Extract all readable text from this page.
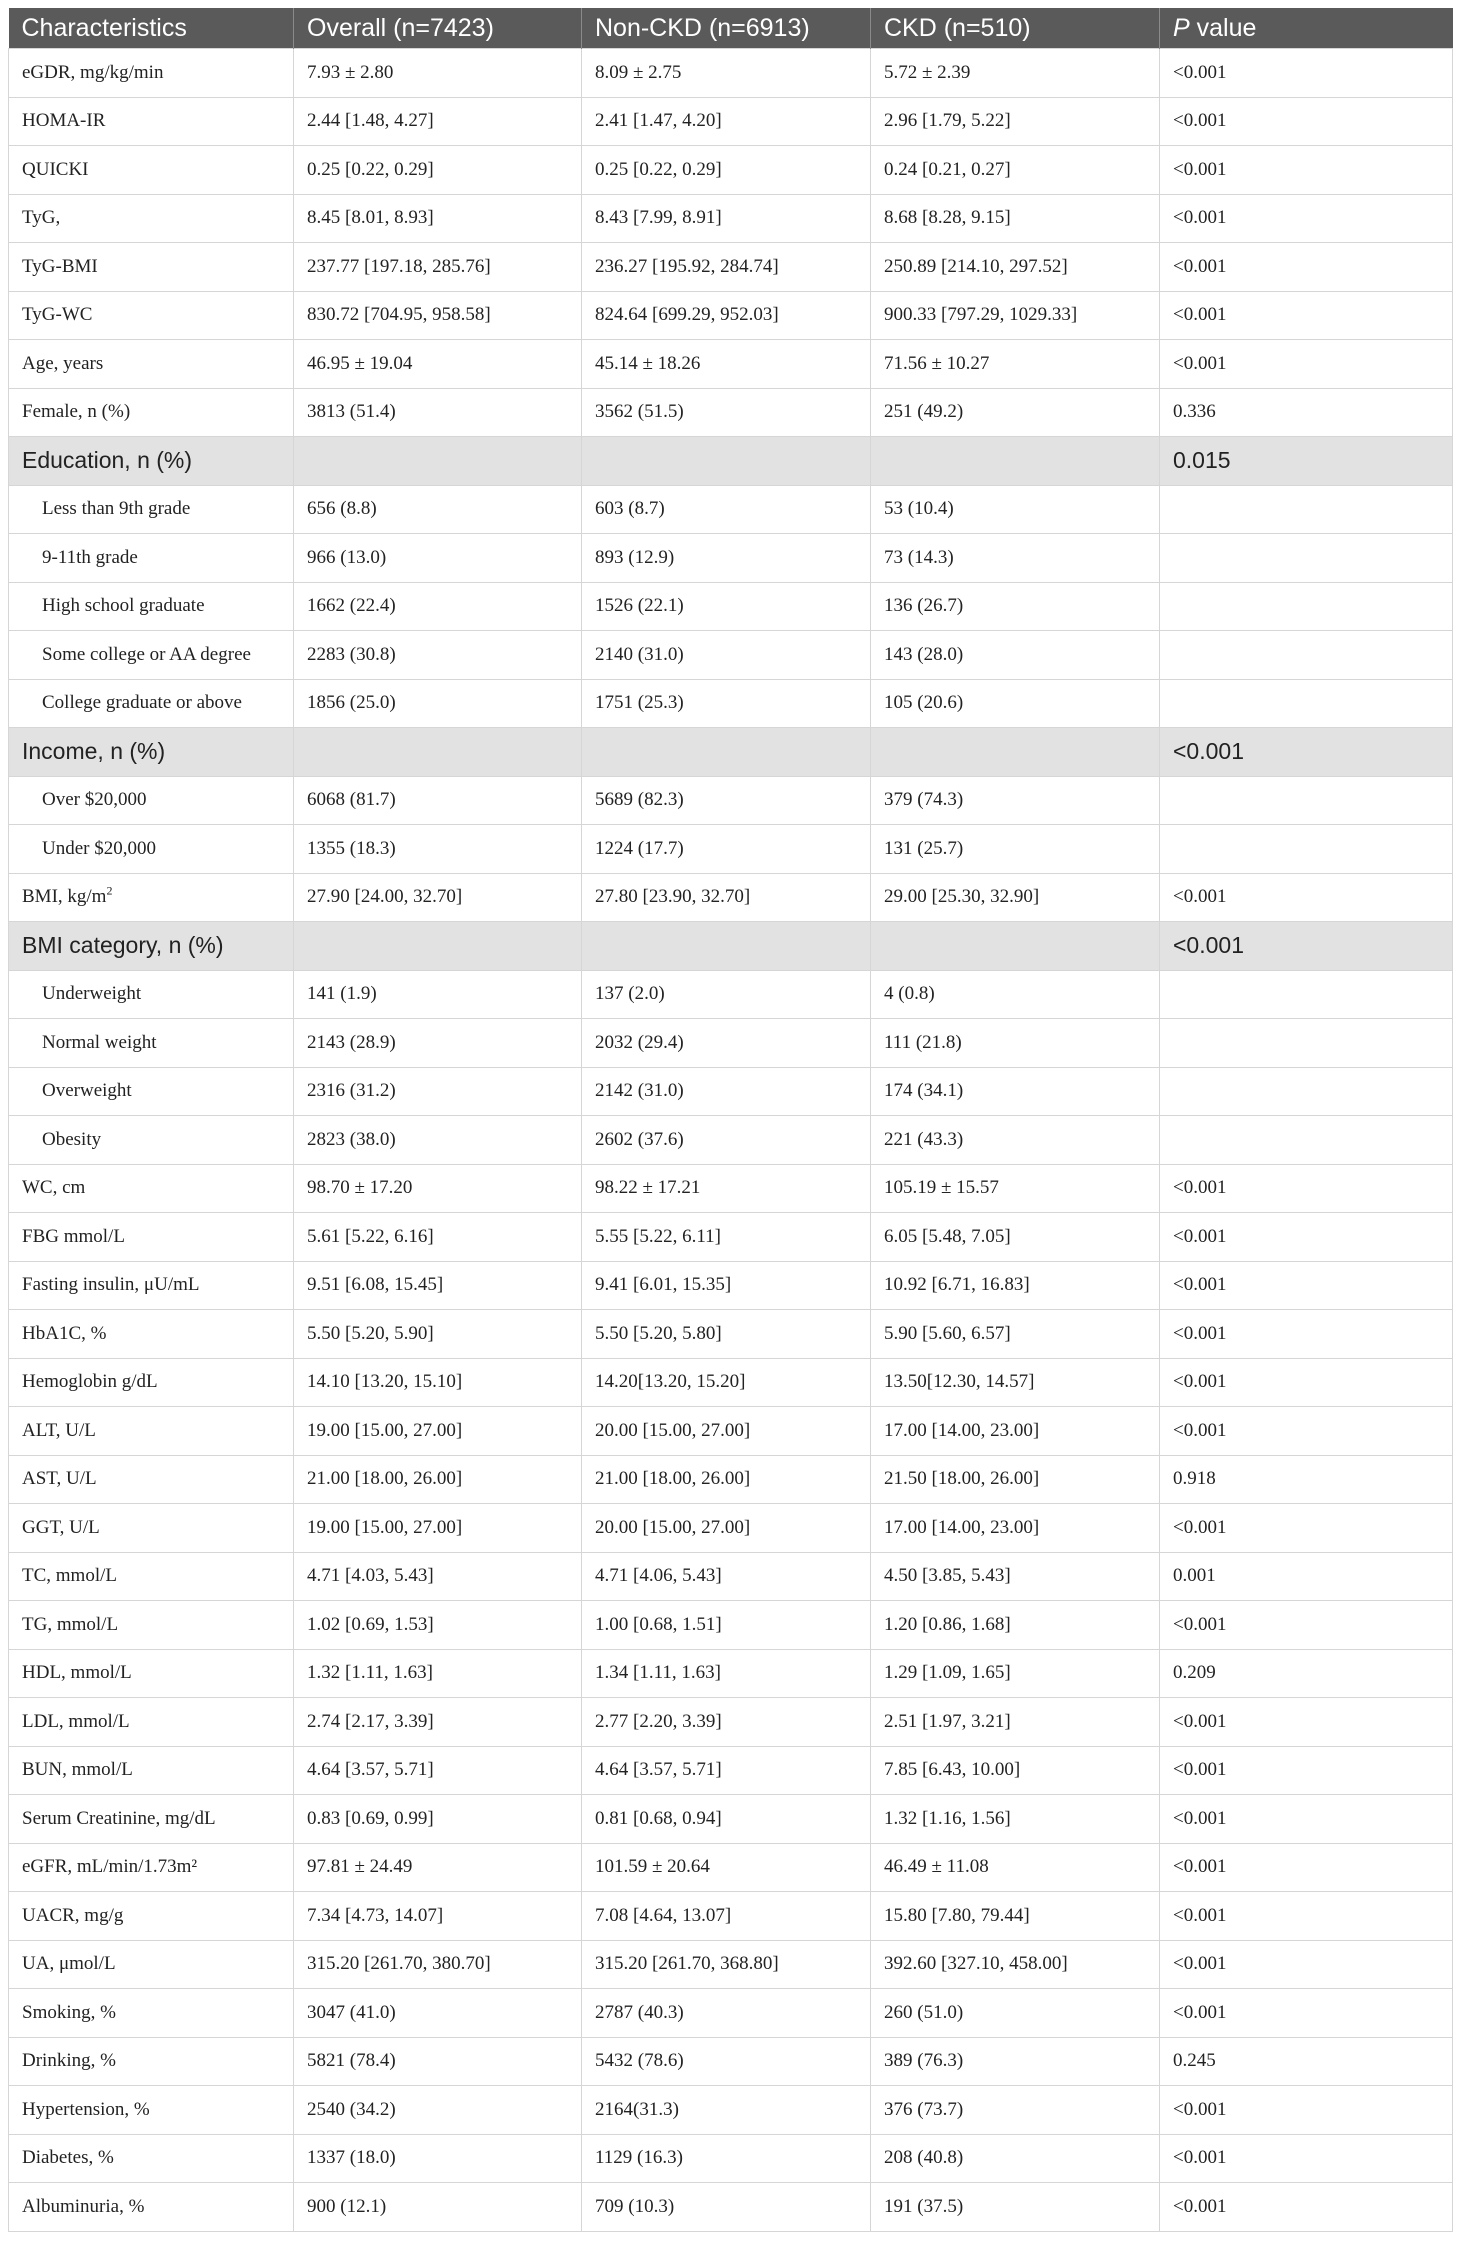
Characteristics	Overall (n=7423)	Non-CKD (n=6913)	CKD (n=510)	P value
eGDR, mg/kg/min	7.93 ± 2.80	8.09 ± 2.75	5.72 ± 2.39	<0.001
HOMA-IR	2.44 [1.48, 4.27]	2.41 [1.47, 4.20]	2.96 [1.79, 5.22]	<0.001
QUICKI	0.25 [0.22, 0.29]	0.25 [0.22, 0.29]	0.24 [0.21, 0.27]	<0.001
TyG,	8.45 [8.01, 8.93]	8.43 [7.99, 8.91]	8.68 [8.28, 9.15]	<0.001
TyG-BMI	237.77 [197.18, 285.76]	236.27 [195.92, 284.74]	250.89 [214.10, 297.52]	<0.001
TyG-WC	830.72 [704.95, 958.58]	824.64 [699.29, 952.03]	900.33 [797.29, 1029.33]	<0.001
Age, years	46.95 ± 19.04	45.14 ± 18.26	71.56 ± 10.27	<0.001
Female, n (%)	3813 (51.4)	3562 (51.5)	251 (49.2)	0.336
Education, n (%)				0.015
Less than 9th grade	656 (8.8)	603 (8.7)	53 (10.4)	
9-11th grade	966 (13.0)	893 (12.9)	73 (14.3)	
High school graduate	1662 (22.4)	1526 (22.1)	136 (26.7)	
Some college or AA degree	2283 (30.8)	2140 (31.0)	143 (28.0)	
College graduate or above	1856 (25.0)	1751 (25.3)	105 (20.6)	
Income, n (%)				<0.001
Over $20,000	6068 (81.7)	5689 (82.3)	379 (74.3)	
Under $20,000	1355 (18.3)	1224 (17.7)	131 (25.7)	
BMI, $kg/m^2$	27.90 [24.00, 32.70]	27.80 [23.90, 32.70]	29.00 [25.30, 32.90]	<0.001
BMI category, n (%)				<0.001
Underweight	141 (1.9)	137 (2.0)	4 (0.8)	
Normal weight	2143 (28.9)	2032 (29.4)	111 (21.8)	
Overweight	2316 (31.2)	2142 (31.0)	174 (34.1)	
Obesity	2823 (38.0)	2602 (37.6)	221 (43.3)	
WC, cm	98.70 ± 17.20	98.22 ± 17.21	105.19 ± 15.57	<0.001
FBG mmol/L	5.61 [5.22, 6.16]	5.55 [5.22, 6.11]	6.05 [5.48, 7.05]	<0.001
Fasting insulin, μU/mL	9.51 [6.08, 15.45]	9.41 [6.01, 15.35]	10.92 [6.71, 16.83]	<0.001
HbA1C, %	5.50 [5.20, 5.90]	5.50 [5.20, 5.80]	5.90 [5.60, 6.57]	<0.001
Hemoglobin g/dL	14.10 [13.20, 15.10]	14.20[13.20, 15.20]	13.50[12.30, 14.57]	<0.001
ALT, U/L	19.00 [15.00, 27.00]	20.00 [15.00, 27.00]	17.00 [14.00, 23.00]	<0.001
AST, U/L	21.00 [18.00, 26.00]	21.00 [18.00, 26.00]	21.50 [18.00, 26.00]	0.918
GGT, U/L	19.00 [15.00, 27.00]	20.00 [15.00, 27.00]	17.00 [14.00, 23.00]	<0.001
TC, mmol/L	4.71 [4.03, 5.43]	4.71 [4.06, 5.43]	4.50 [3.85, 5.43]	0.001
TG, mmol/L	1.02 [0.69, 1.53]	1.00 [0.68, 1.51]	1.20 [0.86, 1.68]	<0.001
HDL, mmol/L	1.32 [1.11, 1.63]	1.34 [1.11, 1.63]	1.29 [1.09, 1.65]	0.209
LDL, mmol/L	2.74 [2.17, 3.39]	2.77 [2.20, 3.39]	2.51 [1.97, 3.21]	<0.001
BUN, mmol/L	4.64 [3.57, 5.71]	4.64 [3.57, 5.71]	7.85 [6.43, 10.00]	<0.001
Serum Creatinine, mg/dL	0.83 [0.69, 0.99]	0.81 [0.68, 0.94]	1.32 [1.16, 1.56]	<0.001
eGFR, mL/min/1.73m²	97.81 ± 24.49	101.59 ± 20.64	46.49 ± 11.08	<0.001
UACR, mg/g	7.34 [4.73, 14.07]	7.08 [4.64, 13.07]	15.80 [7.80, 79.44]	<0.001
UA, μmol/L	315.20 [261.70, 380.70]	315.20 [261.70, 368.80]	392.60 [327.10, 458.00]	<0.001
Smoking, %	3047 (41.0)	2787 (40.3)	260 (51.0)	<0.001
Drinking, %	5821 (78.4)	5432 (78.6)	389 (76.3)	0.245
Hypertension, %	2540 (34.2)	2164(31.3)	376 (73.7)	<0.001
Diabetes, %	1337 (18.0)	1129 (16.3)	208 (40.8)	<0.001
Albuminuria, %	900 (12.1)	709 (10.3)	191 (37.5)	<0.001
